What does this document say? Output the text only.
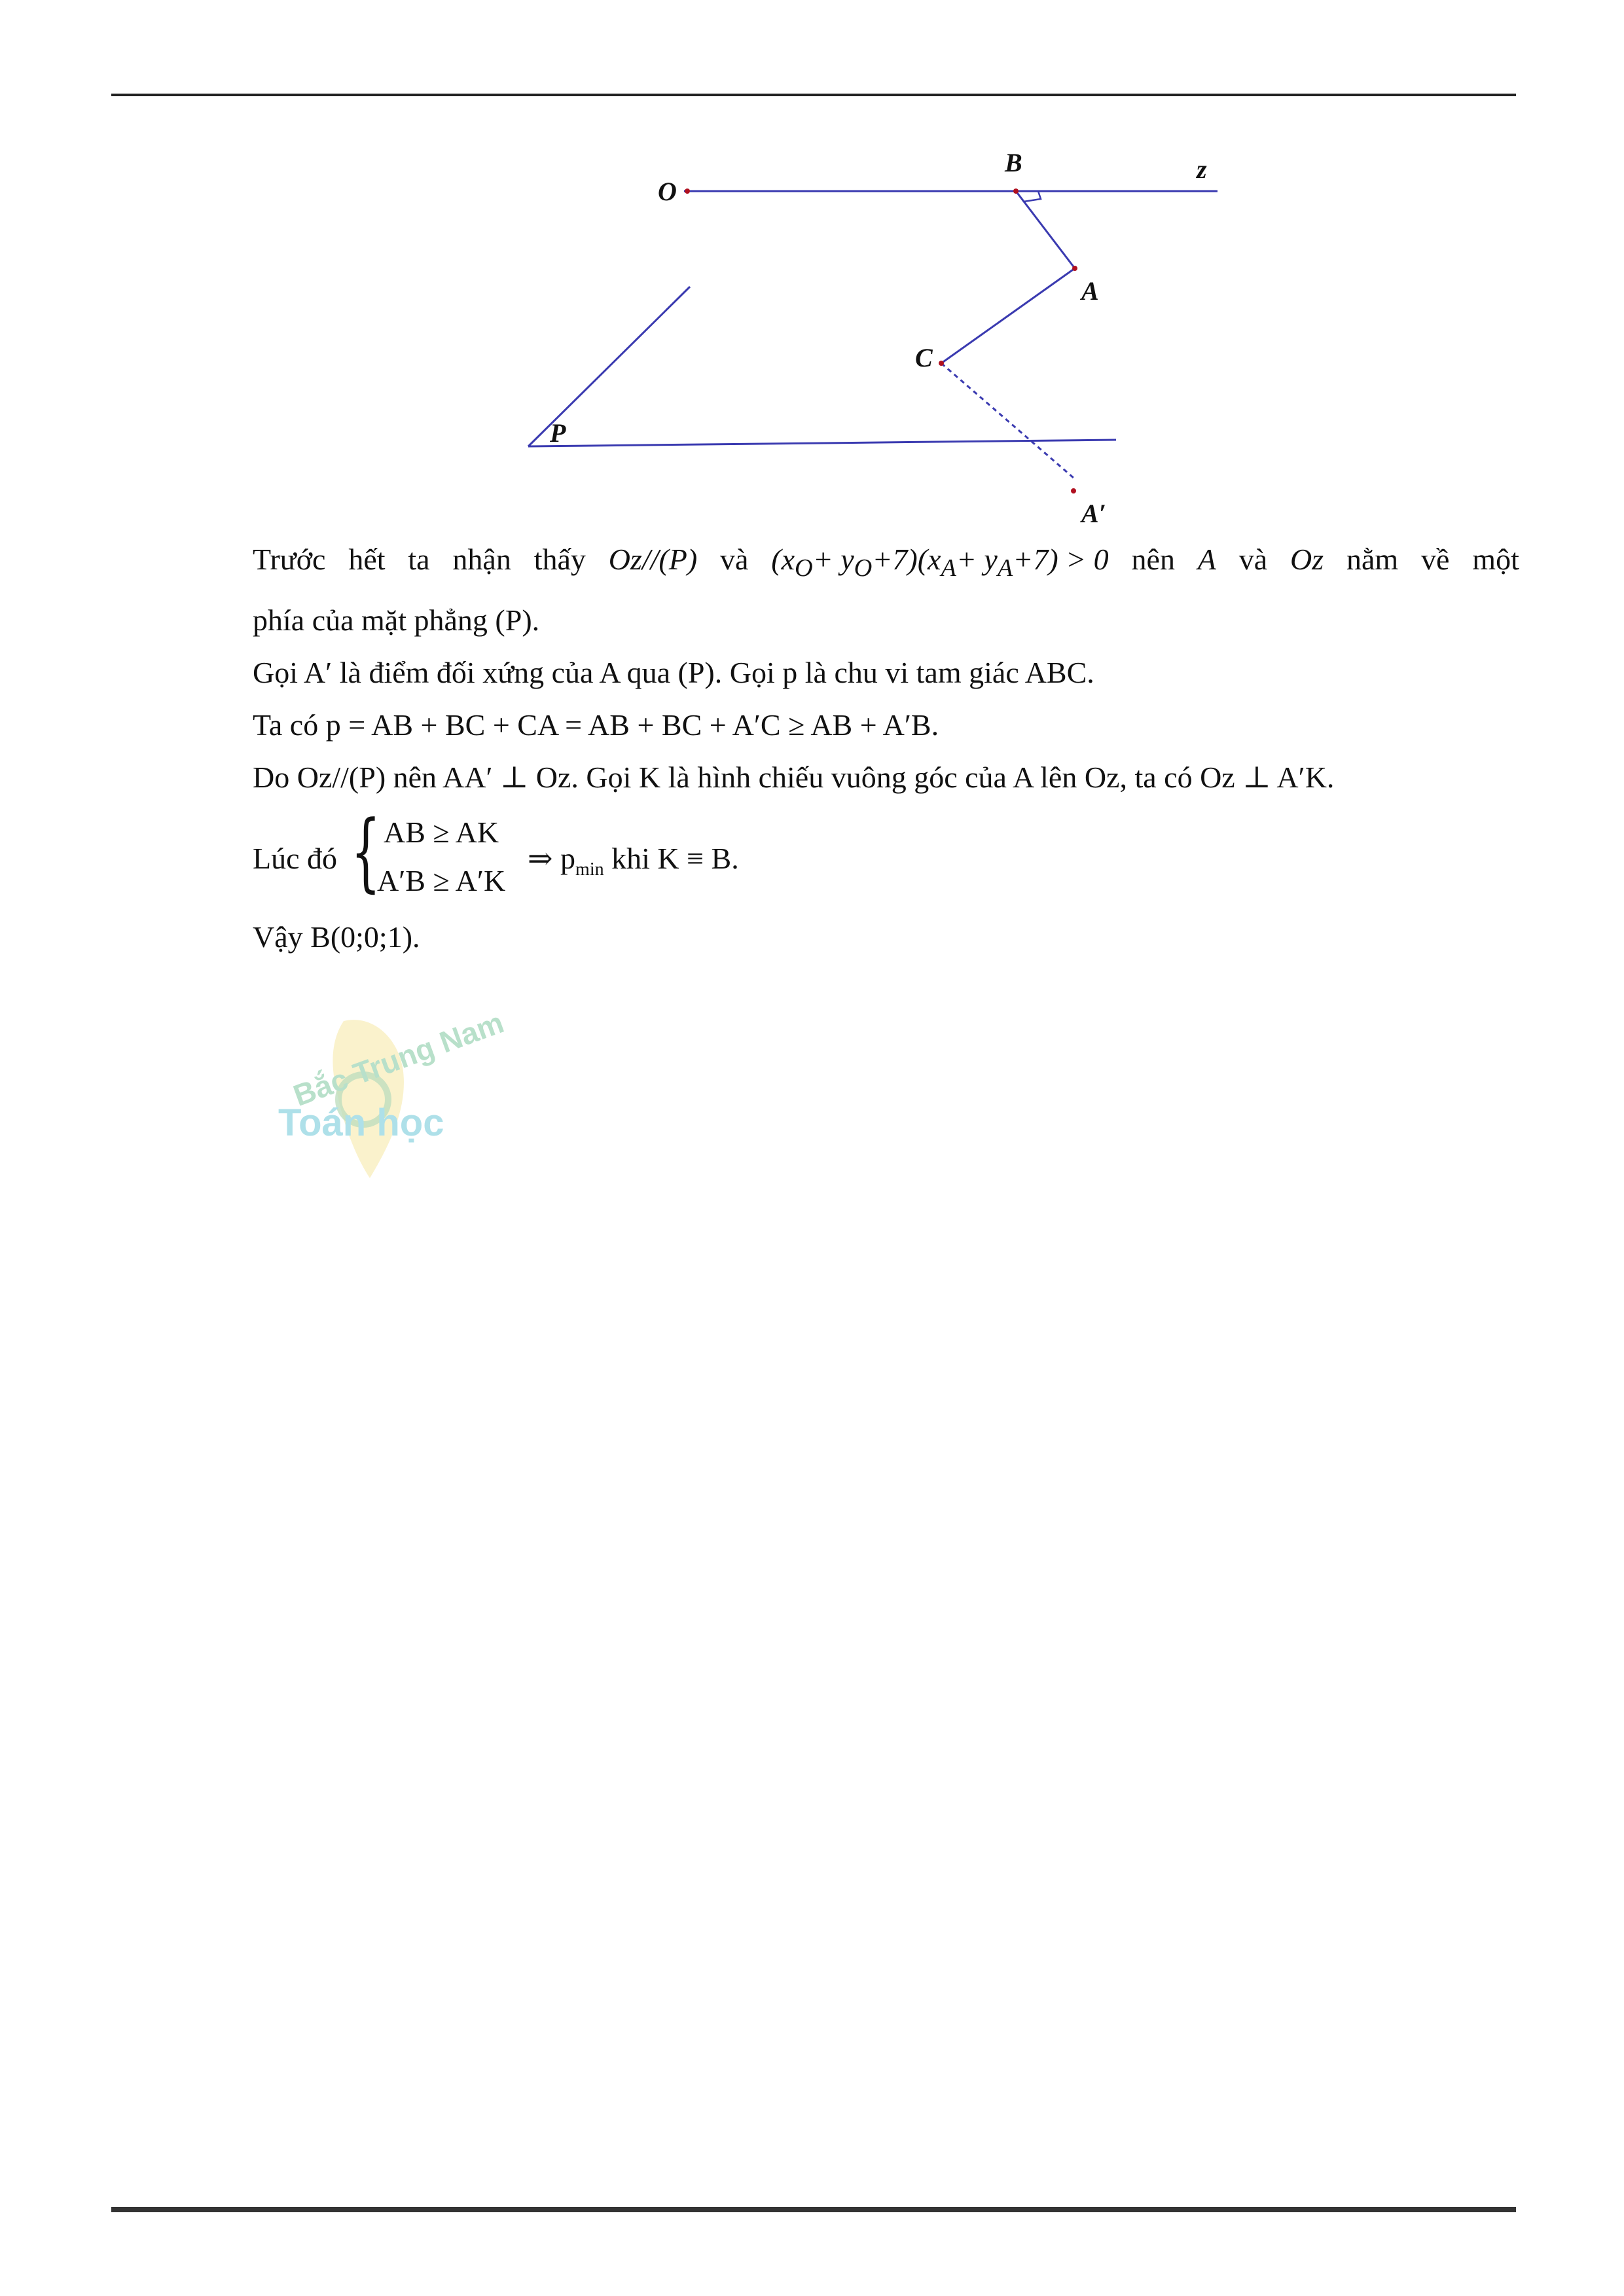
O
B	z
A
C
P
A′
Trước hết ta nhận thấy Oz//(P) và $(x_O+ y_O+7)(x_A+ y_A+7) > 0$ nên A và Oz nằm về một
phía của mặt phẳng (P).
Gọi A′ là điểm đối xứng của A qua (P). Gọi p là chu vi tam giác ABC.
Ta có p = AB + BC + CA = AB + BC + A′C ≥ AB + A′B.
Do Oz//(P) nên AA′ ⊥ Oz. Gọi K là hình chiếu vuông góc của A lên Oz, ta có Oz ⊥ A′K.
Lúc đó { AB ≥ AK
A′B ≥ A′K
⇒ $p_{min}$ khi K ≡ B.
Vậy B(0;0;1).
Bắc Trung Nam
Toán học
